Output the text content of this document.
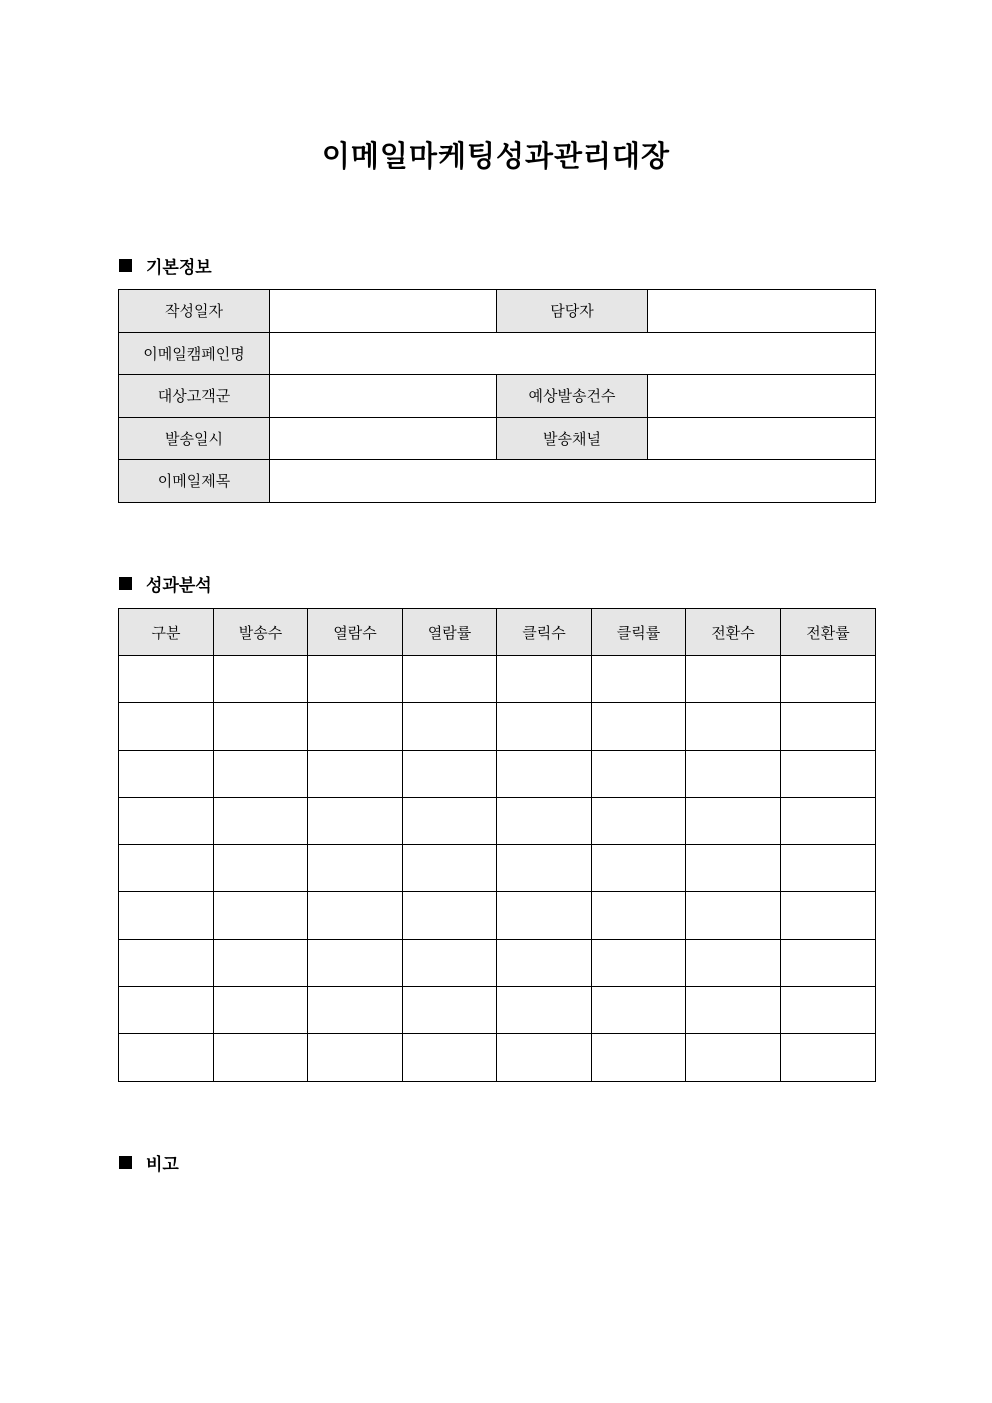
이메일마케팅성과관리대장
기본정보
작성일자		담당자	
이메일캠페인명			
대상고객군		예상발송건수	
발송일시		발송채널	
이메일제목			
성과분석
구분	발송수	열람수	열람률	클릭수	클릭률	전환수	전환률

비고
